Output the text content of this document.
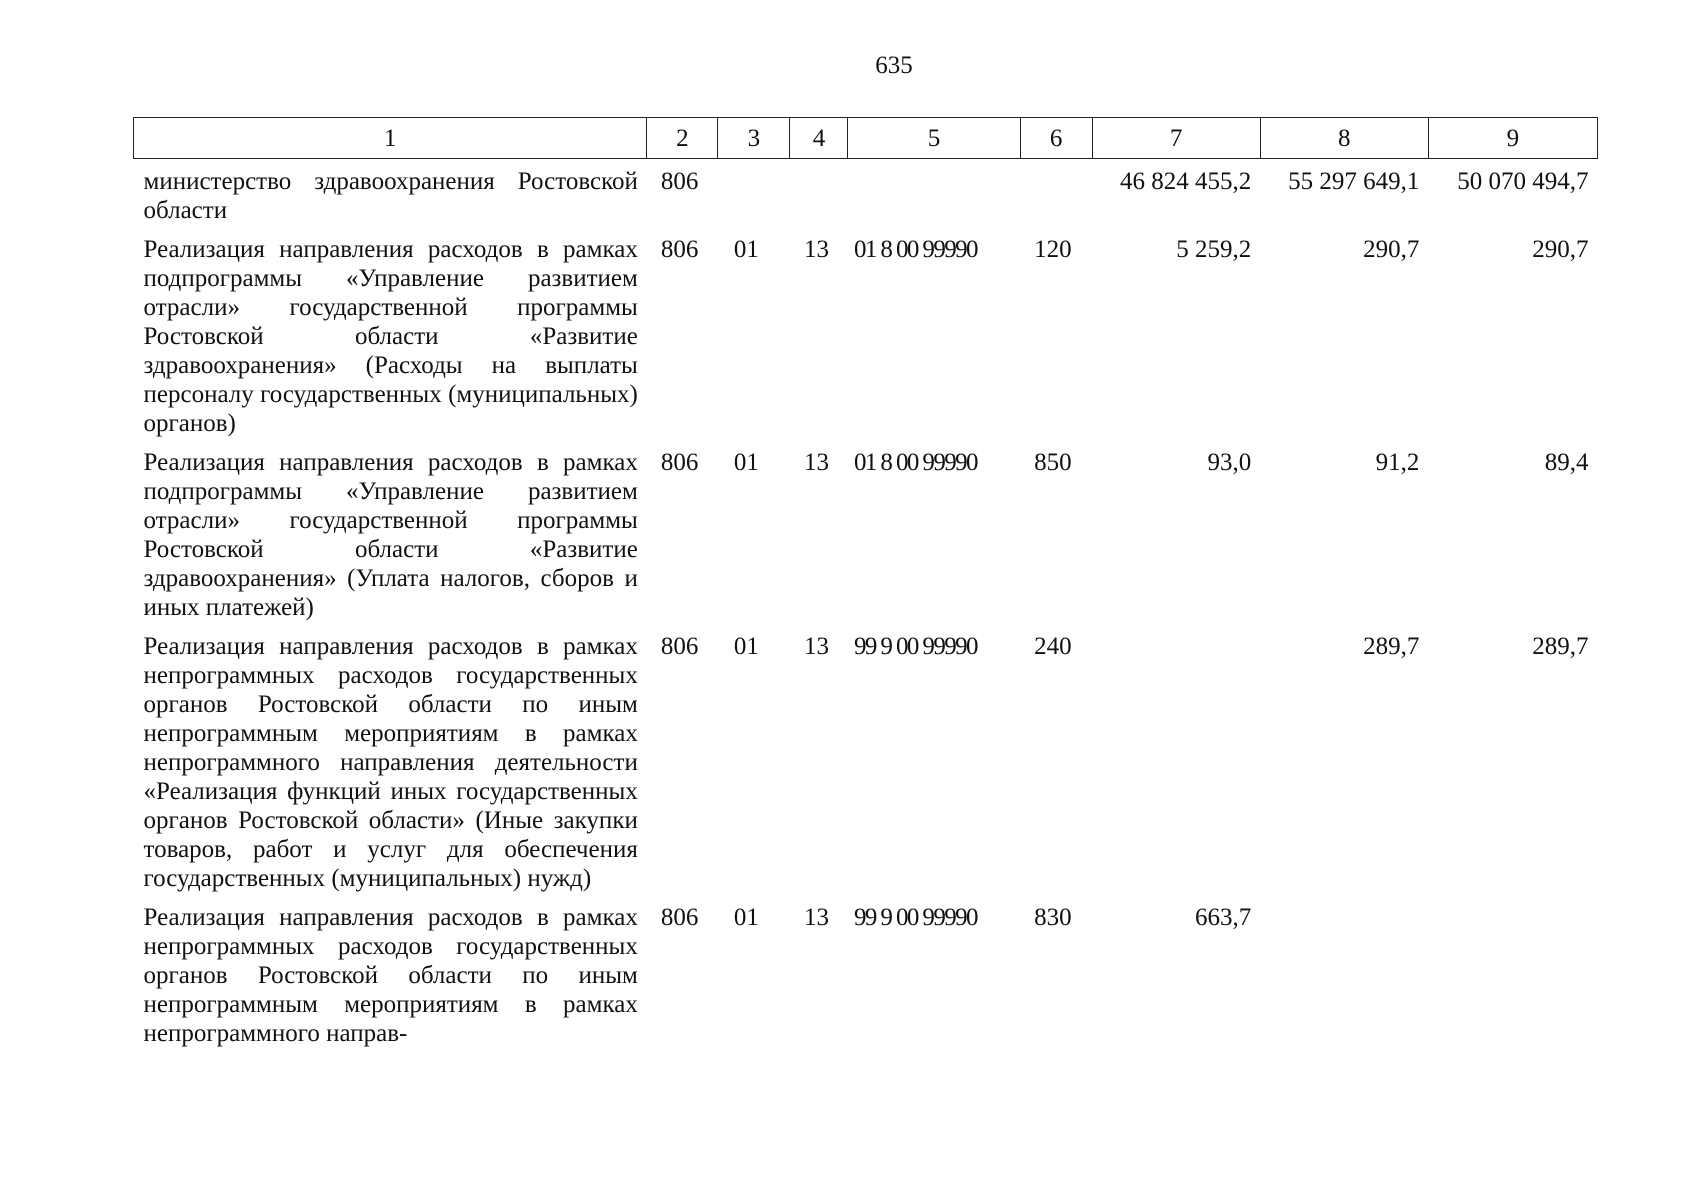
635
1	2	3	4	5	6	7	8	9
министерство здравоохранения Ростовской области	806					46 824 455,2	55 297 649,1	50 070 494,7
Реализация направления расходов в рамках подпрограммы «Управление развитием отрасли» государственной программы Ростовской области «Развитие здравоохранения» (Расходы на выплаты персоналу государственных (муниципальных) органов)	806	01	13	01 8 00 99990	120	5 259,2	290,7	290,7
Реализация направления расходов в рамках подпрограммы «Управление развитием отрасли» государственной программы Ростовской области «Развитие здравоохранения» (Уплата налогов, сборов и иных платежей)	806	01	13	01 8 00 99990	850	93,0	91,2	89,4
Реализация направления расходов в рамках непрограммных расходов государственных органов Ростовской области по иным непрограммным мероприятиям в рамках непрограммного направления деятельности «Реализация функций иных государственных органов Ростовской области» (Иные закупки товаров, работ и услуг для обеспечения государственных (муниципальных) нужд)	806	01	13	99 9 00 99990	240		289,7	289,7
Реализация направления расходов в рамках непрограммных расходов государственных органов Ростовской области по иным непрограммным мероприятиям в рамках непрограммного направ-	806	01	13	99 9 00 99990	830	663,7		
